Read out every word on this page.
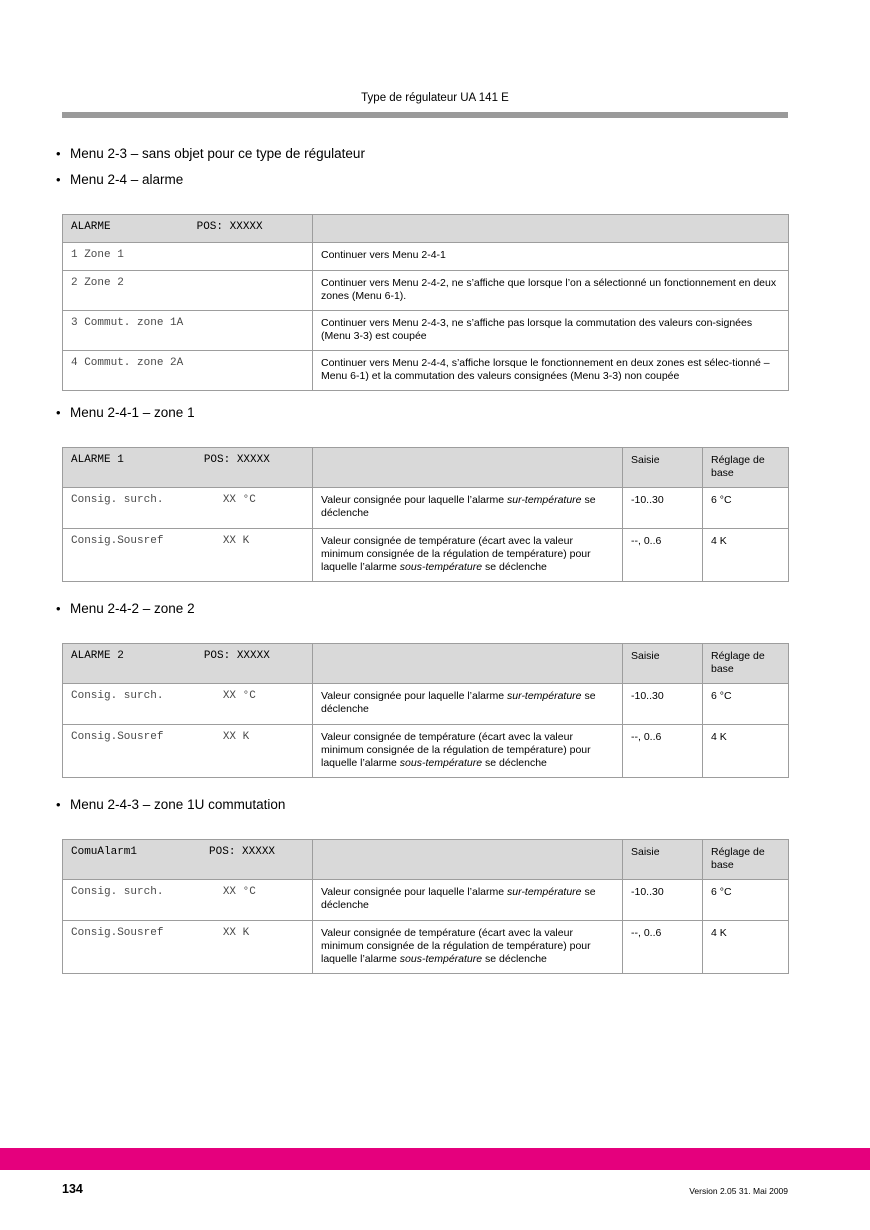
Type de régulateur UA 141 E
• Menu 2-3 – sans objet pour ce type de régulateur
• Menu 2-4 – alarme
ALARME POS: XXXXX	
1 Zone 1	Continuer vers Menu 2-4-1
2 Zone 2	Continuer vers Menu 2-4-2, ne s’affiche que lorsque l’on a sélectionné un fonctionnement en deux zones (Menu 6-1).
3 Commut. zone 1A	Continuer vers Menu 2-4-3, ne s’affiche pas lorsque la commutation des valeurs con-signées (Menu 3-3) est coupée
4 Commut. zone 2A	Continuer vers Menu 2-4-4, s’affiche lorsque le fonctionnement en deux zones est sélec-tionné –Menu 6-1) et la commutation des valeurs consignées (Menu 3-3) non coupée
• Menu 2-4-1 – zone 1
ALARME 1 POS: XXXXX		Saisie	Réglage de base
Consig. surch.         XX °C	Valeur consignée pour laquelle l’alarme sur-température se déclenche	-10..30	6 °C
Consig.Sousref         XX K	Valeur consignée de température (écart avec la valeur minimum consignée de la régulation de température) pour laquelle l’alarme sous-température se déclenche	--, 0..6	4 K
• Menu 2-4-2 – zone 2
ALARME 2 POS: XXXXX		Saisie	Réglage de base
Consig. surch.         XX °C	Valeur consignée pour laquelle l’alarme sur-température se déclenche	-10..30	6 °C
Consig.Sousref         XX K	Valeur consignée de température (écart avec la valeur minimum consignée de la régulation de température) pour laquelle l’alarme sous-température se déclenche	--, 0..6	4 K
• Menu 2-4-3 – zone 1U commutation
ComuAlarm1 POS: XXXXX		Saisie	Réglage de base
Consig. surch.         XX °C	Valeur consignée pour laquelle l’alarme sur-température se déclenche	-10..30	6 °C
Consig.Sousref         XX K	Valeur consignée de température (écart avec la valeur minimum consignée de la régulation de température) pour laquelle l’alarme sous-température se déclenche	--, 0..6	4 K
134	Version 2.05 31. Mai 2009
